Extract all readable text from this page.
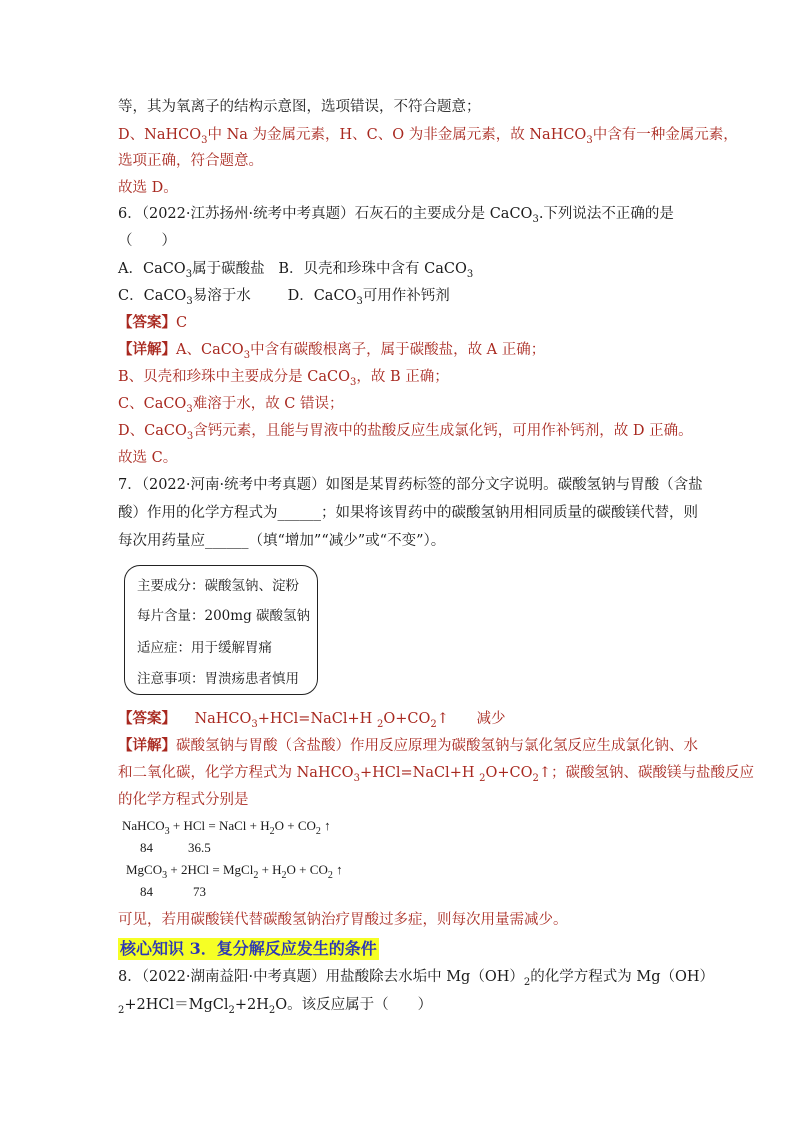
等，其为氧离子的结构示意图，选项错误，不符合题意；
D、NaHCO$_3$中 Na 为金属元素，H、C、O 为非金属元素，故 NaHCO$_3$中含有一种金属元素，
选项正确，符合题意。
故选 D。
6．（2022·江苏扬州·统考中考真题）石灰石的主要成分是 CaCO$_3$.下列说法不正确的是
（　　）
A．CaCO$_3$属于碳酸盐 B．贝壳和珍珠中含有 CaCO$_3$
C．CaCO$_3$易溶于水	D．CaCO$_3$可用作补钙剂
【答案】C
【详解】A、CaCO$_3$中含有碳酸根离子，属于碳酸盐，故 A 正确；
B、贝壳和珍珠中主要成分是 CaCO$_3$，故 B 正确；
C、CaCO$_3$难溶于水，故 C 错误；
D、CaCO$_3$含钙元素，且能与胃液中的盐酸反应生成氯化钙，可用作补钙剂，故 D 正确。
故选 C。
7．（2022·河南·统考中考真题）如图是某胃药标签的部分文字说明。碳酸氢钠与胃酸（含盐
酸）作用的化学方程式为______；如果将该胃药中的碳酸氢钠用相同质量的碳酸镁代替，则
每次用药量应______（填“增加”“减少”或“不变”）。
主要成分：碳酸氢钠、淀粉
每片含量：200mg 碳酸氢钠
适应症：用于缓解胃痛
注意事项：胃溃疡患者慎用
【答案】 NaHCO$_3$+HCl=NaCl+H $_2O+CO_2↑$ 减少
【详解】碳酸氢钠与胃酸（含盐酸）作用反应原理为碳酸氢钠与氯化氢反应生成氯化钠、水
和二氧化碳，化学方程式为 NaHCO$_3$+HCl=NaCl+H $_2O+CO_2↑$；碳酸氢钠、碳酸镁与盐酸反应
的化学方程式分别是
NaHCO$_3$ + HCl = NaCl + $H_2O + CO_2$ ↑
84	36.5
MgCO$_3$ + 2HCl = MgCl$_2$ + $H_2O + CO_2$ ↑
84	73
可见，若用碳酸镁代替碳酸氢钠治疗胃酸过多症，则每次用量需减少。
核心知识 3．复分解反应发生的条件
8．（2022·湖南益阳·中考真题）用盐酸除去水垢中 $Mg(OH)_2$的化学方程式为 Mg（OH）
$_2+2HCl=MgCl_2+2H_2O$。该反应属于（　　）
